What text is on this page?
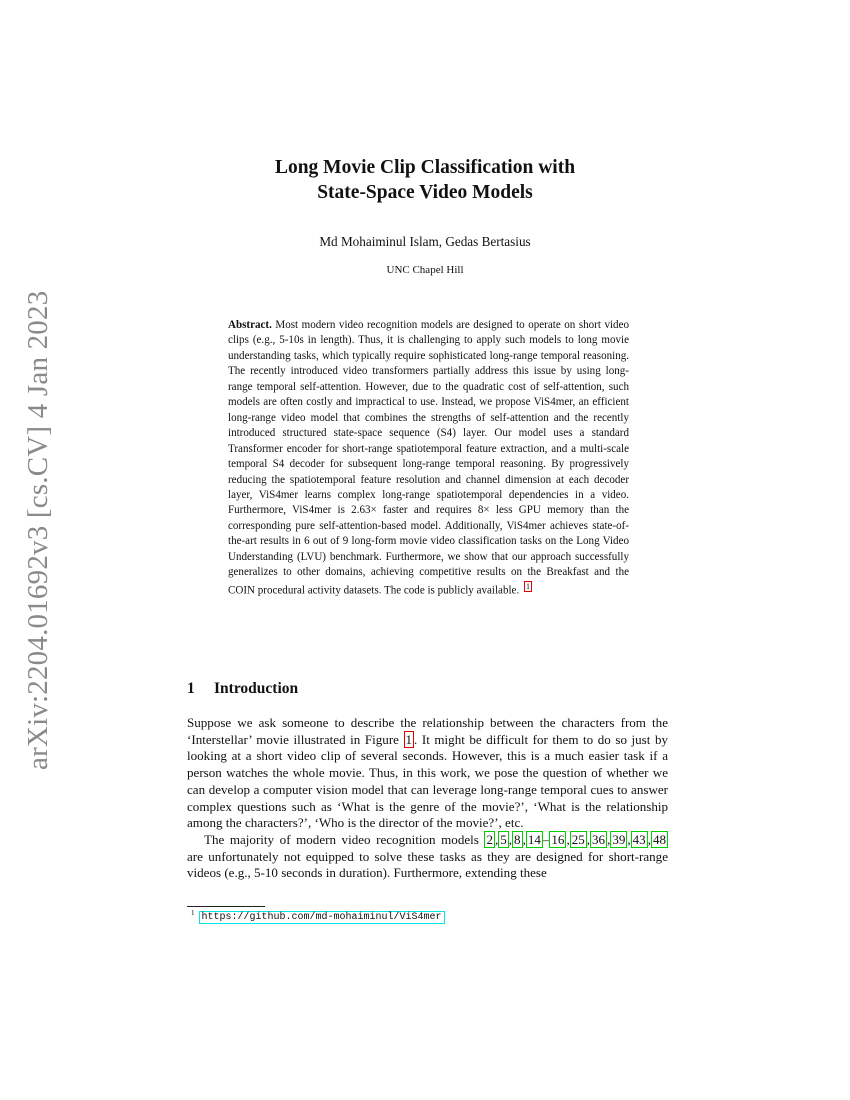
arXiv:2204.01692v3 [cs.CV] 4 Jan 2023
Long Movie Clip Classification with
State-Space Video Models
Md Mohaiminul Islam, Gedas Bertasius
UNC Chapel Hill
Abstract. Most modern video recognition models are designed to operate on short video clips (e.g., 5-10s in length). Thus, it is challenging to apply such models to long movie understanding tasks, which typically require sophisticated long-range temporal reasoning. The recently introduced video transformers partially address this issue by using long-range temporal self-attention. However, due to the quadratic cost of self-attention, such models are often costly and impractical to use. Instead, we propose ViS4mer, an efficient long-range video model that combines the strengths of self-attention and the recently introduced structured state-space sequence (S4) layer. Our model uses a standard Transformer encoder for short-range spatiotemporal feature extraction, and a multi-scale temporal S4 decoder for subsequent long-range temporal reasoning. By progressively reducing the spatiotemporal feature resolution and channel dimension at each decoder layer, ViS4mer learns complex long-range spatiotemporal dependencies in a video. Furthermore, ViS4mer is 2.63× faster and requires 8× less GPU memory than the corresponding pure self-attention-based model. Additionally, ViS4mer achieves state-of-the-art results in 6 out of 9 long-form movie video classification tasks on the Long Video Understanding (LVU) benchmark. Furthermore, we show that our approach successfully generalizes to other domains, achieving competitive results on the Breakfast and the COIN procedural activity datasets. The code is publicly available. 1
1 Introduction

Suppose we ask someone to describe the relationship between the characters from the ‘Interstellar’ movie illustrated in Figure 1 . It might be difficult for them to do so just by looking at a short video clip of several seconds. However, this is a much easier task if a person watches the whole movie. Thus, in this work, we pose the question of whether we can develop a computer vision model that can leverage long-range temporal cues to answer complex questions such as ‘What is the genre of the movie?’, ‘What is the relationship among the characters?’, ‘Who is the director of the movie?’, etc.

The majority of modern video recognition models 2 , 5 , 8 , 14 – 16 , 25 , 36 , 39 , 43 , 48 are unfortunately not equipped to solve these tasks as they are designed for short-range videos (e.g., 5-10 seconds in duration). Furthermore, extending these

$^1$ https://github.com/md-mohaiminul/ViS4mer
